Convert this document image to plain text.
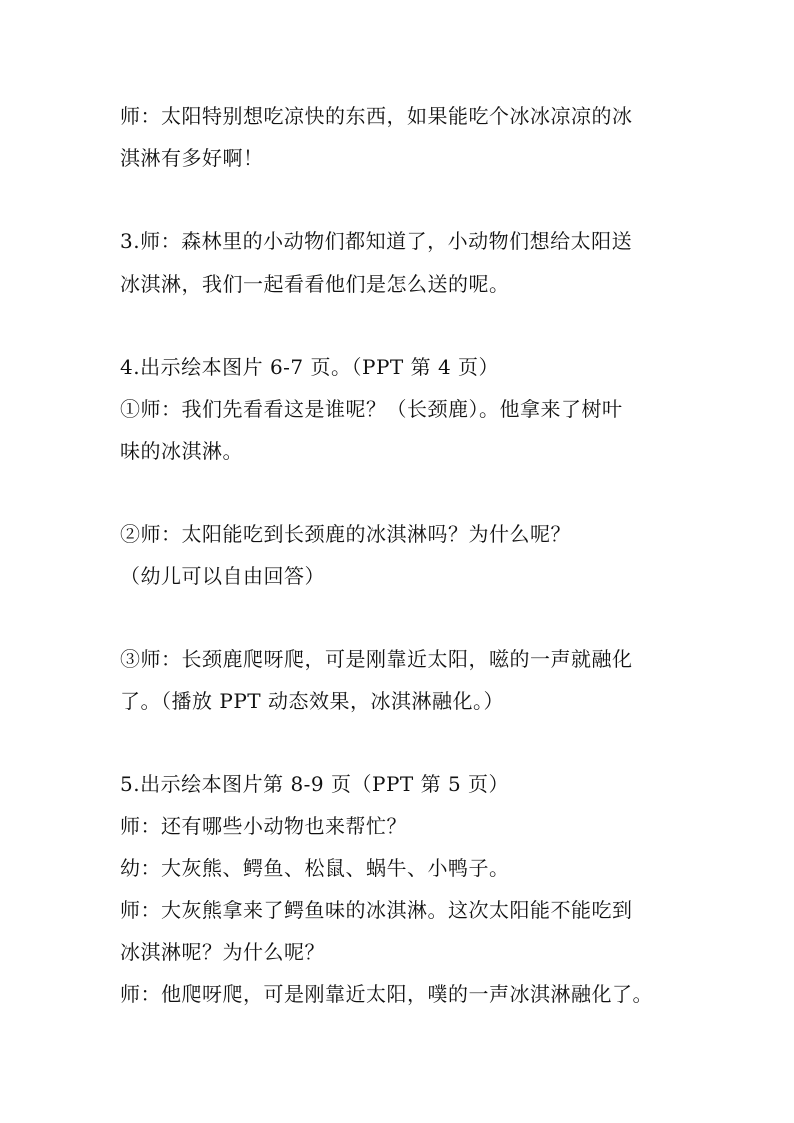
师：太阳特别想吃凉快的东西，如果能吃个冰冰凉凉的冰
淇淋有多好啊！
3.师：森林里的小动物们都知道了，小动物们想给太阳送
冰淇淋，我们一起看看他们是怎么送的呢。
4.出示绘本图片 6-7 页。（PPT 第 4 页）
①师：我们先看看这是谁呢？（长颈鹿）。他拿来了树叶
味的冰淇淋。
②师：太阳能吃到长颈鹿的冰淇淋吗？为什么呢？
（幼儿可以自由回答）
③师：长颈鹿爬呀爬，可是刚靠近太阳，嗞的一声就融化
了。（播放 PPT 动态效果，冰淇淋融化。）
5.出示绘本图片第 8-9 页（PPT 第 5 页）
师：还有哪些小动物也来帮忙？
幼：大灰熊、鳄鱼、松鼠、蜗牛、小鸭子。
师：大灰熊拿来了鳄鱼味的冰淇淋。这次太阳能不能吃到
冰淇淋呢？为什么呢？
师：他爬呀爬，可是刚靠近太阳，噗的一声冰淇淋融化了。
